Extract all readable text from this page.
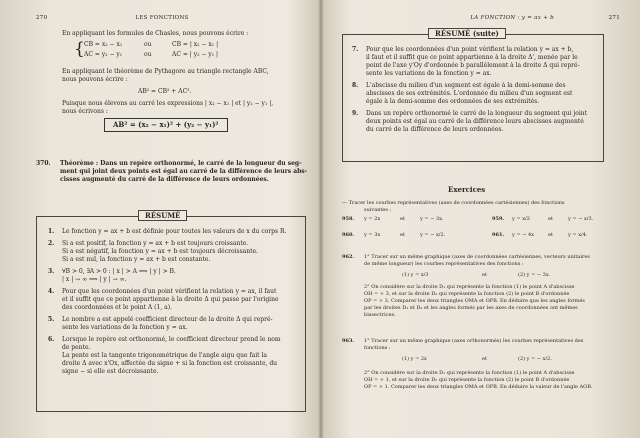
270	LES FONCTIONS

En appliquant les formules de Chasles, nous pouvons écrire :

{ CB = x₂ − x₁	ou	CB = | x₂ − x₁ |
AC = y₂ − y₁	ou	AC = | y₂ − y₁ |

En appliquant le théorème de Pythagore au triangle rectangle ABC,

nous pouvons écrire :

AB² = CB² + AC².

Puisque nous élevons au carré les expressions | x₂ − x₁ | et | y₂ − y₁ |,

nous écrivons :

AB² = (x₂ − x₁)² + (y₂ − y₁)²
370. Théorème : Dans un repère orthonormé, le carré de la longueur du seg-

ment qui joint deux points est égal au carré de la différence de leurs abs-

cisses augmenté du carré de la différence de leurs ordonnées.

RÉSUMÉ
1. Le fonction y = ax + b est définie pour toutes les valeurs de x du corps R.
2. Si a est positif, la fonction y = ax + b est toujours croissante.
Si a est négatif, la fonction y = ax + b est toujours décroissante.
Si a est nul, la fonction y = ax + b est constante.
3. ∀B > 0, ∃A > 0 : | x | > A ⟹ | y | > B.
| x | → ∞ ⟹ | y | → ∞.
4. Pour que les coordonnées d'un point vérifient la relation y = ax, il faut
et il suffit que ce point appartienne à la droite Δ qui passe par l'origine
des coordonnées et le point A (1, a).
5. Le nombre a est appelé coefficient directeur de la droite Δ qui repré-
sente les variations de la fonction y = ax.
6. Lorsque le repère est orthonormé, le coefficient directeur prend le nom
de pente.
La pente est la tangente trigonométrique de l'angle aigu que fait la
droite Δ avec x'Ox, affectée du signe + si la fonction est croissante, du
signe − si elle est décroissante.
LA FONCTION : y = ax + b	271
RÉSUMÉ (suite)
7. Pour que les coordonnées d'un point vérifient la relation y = ax + b,
il faut et il suffit que ce point appartienne à la droite Δ', menée par le
point de l'axe y'Oy d'ordonnée b parallèlement à la droite Δ qui repré-
sente les variations de la fonction y = ax.
8. L'abscisse du milieu d'un segment est égale à la demi-somme des
abscisses de ses extrémités. L'ordonnée du milieu d'un segment est
égale à la demi-somme des ordonnées de ses extrémités.
9. Dans un repère orthonormé le carré de la longueur du segment qui joint
deux points est égal au carré de la différence leurs abscisses augmenté
du carré de la différence de leurs ordonnées.
Exercices

— Tracer les courbes représentatives (axes de coordonnées cartésiennes) des fonctions

suivantes :

958. y = 2x	et	y = − 3x.	959. y = x/2	et	y = − x/3.
960. y = 3x	et	y = − x/2.	961. y = − 4x	et	y = x/4.
962. 1° Tracer sur un même graphique (axes de coordonnées cartésiennes, vecteurs unitaires

de même longueur) les courbes représentatives des fonctions :

(1) y = x/3	et	(2) y = − 3x.

2° On considère sur la droite D₁ qui représente la fonction (1) le point A d'abscisse

OH = + 3, et sur la droite D₂ qui représente la fonction (2) le point B d'ordonnée

OP = + 3. Comparer les deux triangles OMA et OPB. En déduire que les angles formés

par les droites D₁ et D₂ et les angles formés par les axes de coordonnées ont mêmes

bissectrices.

963. 1° Tracer sur un même graphique (axes orthonormés) les courbes représentatives des

fonctions :

(1) y = 2x	et	(2) y = − x/2.

2° On considère sur la droite D₁ qui représente la fonction (1) le point A d'abscisse

OH = + 1, et sur la droite D₂ qui représente la fonction (2) le point B d'ordonnée

OP = + 1. Comparer les deux triangles OMA et OPB. En déduire la valeur de l'angle AOB.
